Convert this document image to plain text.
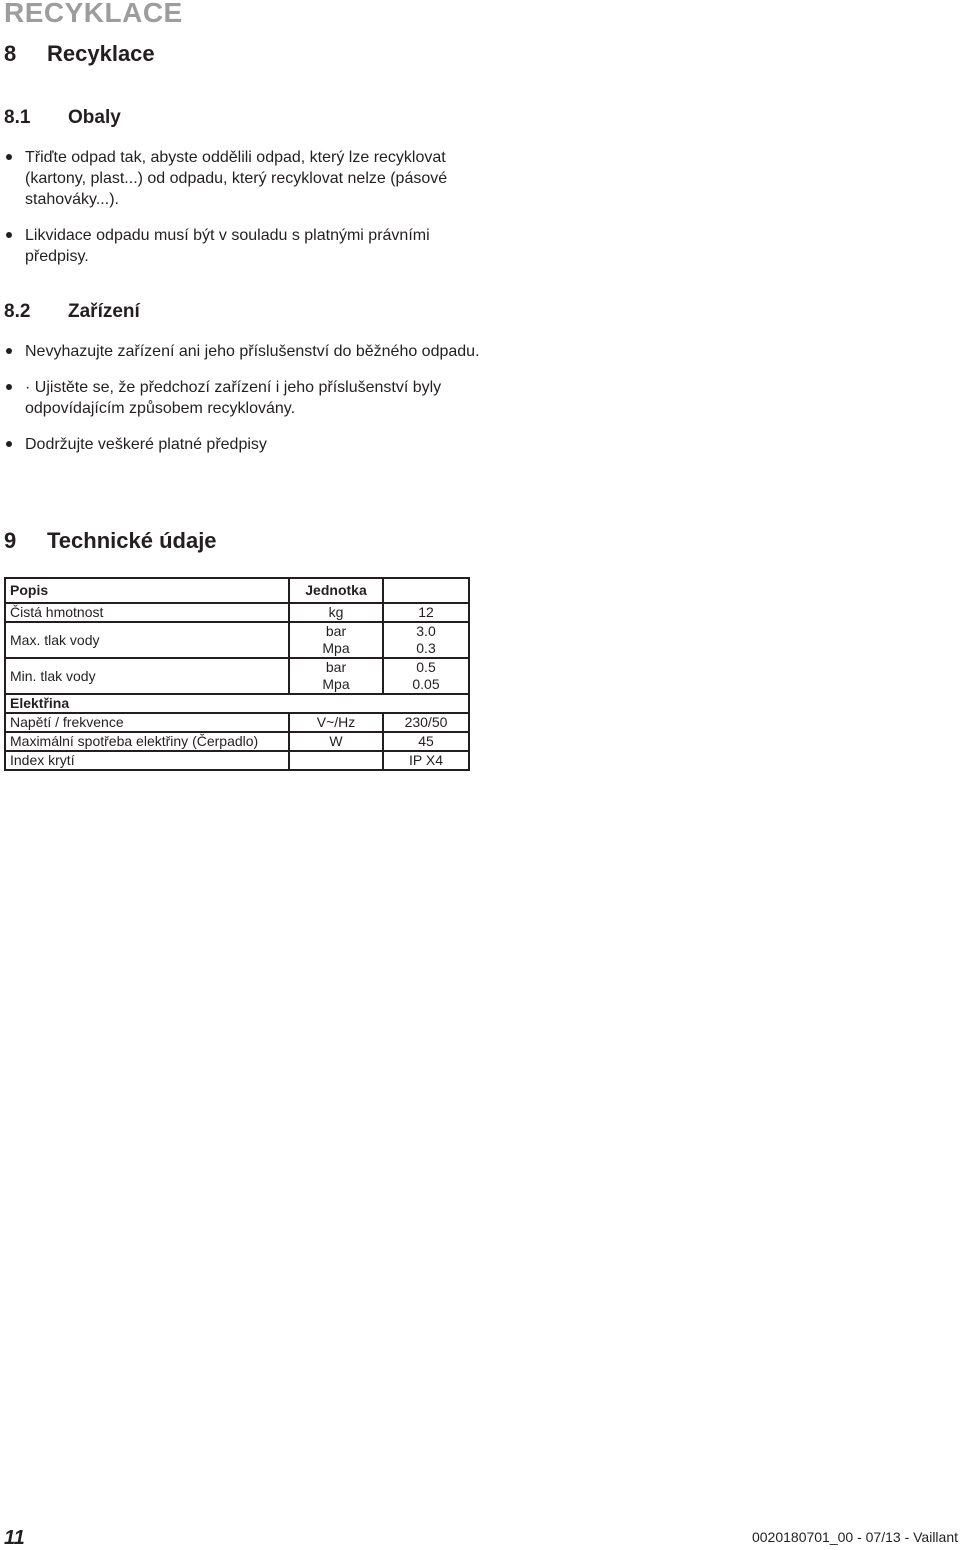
RECYKLACE
8 Recyklace
8.1 Obaly
Třiďte odpad tak, abyste oddělili odpad, který lze recyklovat (kartony, plast...) od odpadu, který recyklovat nelze (pásové stahováky...).
Likvidace odpadu musí být v souladu s platnými právními předpisy.
8.2 Zařízení
Nevyhazujte zařízení ani jeho příslušenství do běžného odpadu.
· Ujistěte se, že předchozí zařízení i jeho příslušenství byly odpovídajícím způsobem recyklovány.
Dodržujte veškeré platné předpisy
9 Technické údaje
Popis	Jednotka	
Čistá hmotnost	kg	12
Max. tlak vody	bar	3.0
	Mpa	0.3
Min. tlak vody	bar	0.5
	Mpa	0.05
Elektřina		
Napětí / frekvence	V~/Hz	230/50
Maximální spotřeba elektřiny (Čerpadlo)	W	45
Index krytí		IP X4
11	0020180701_00 - 07/13 - Vaillant
